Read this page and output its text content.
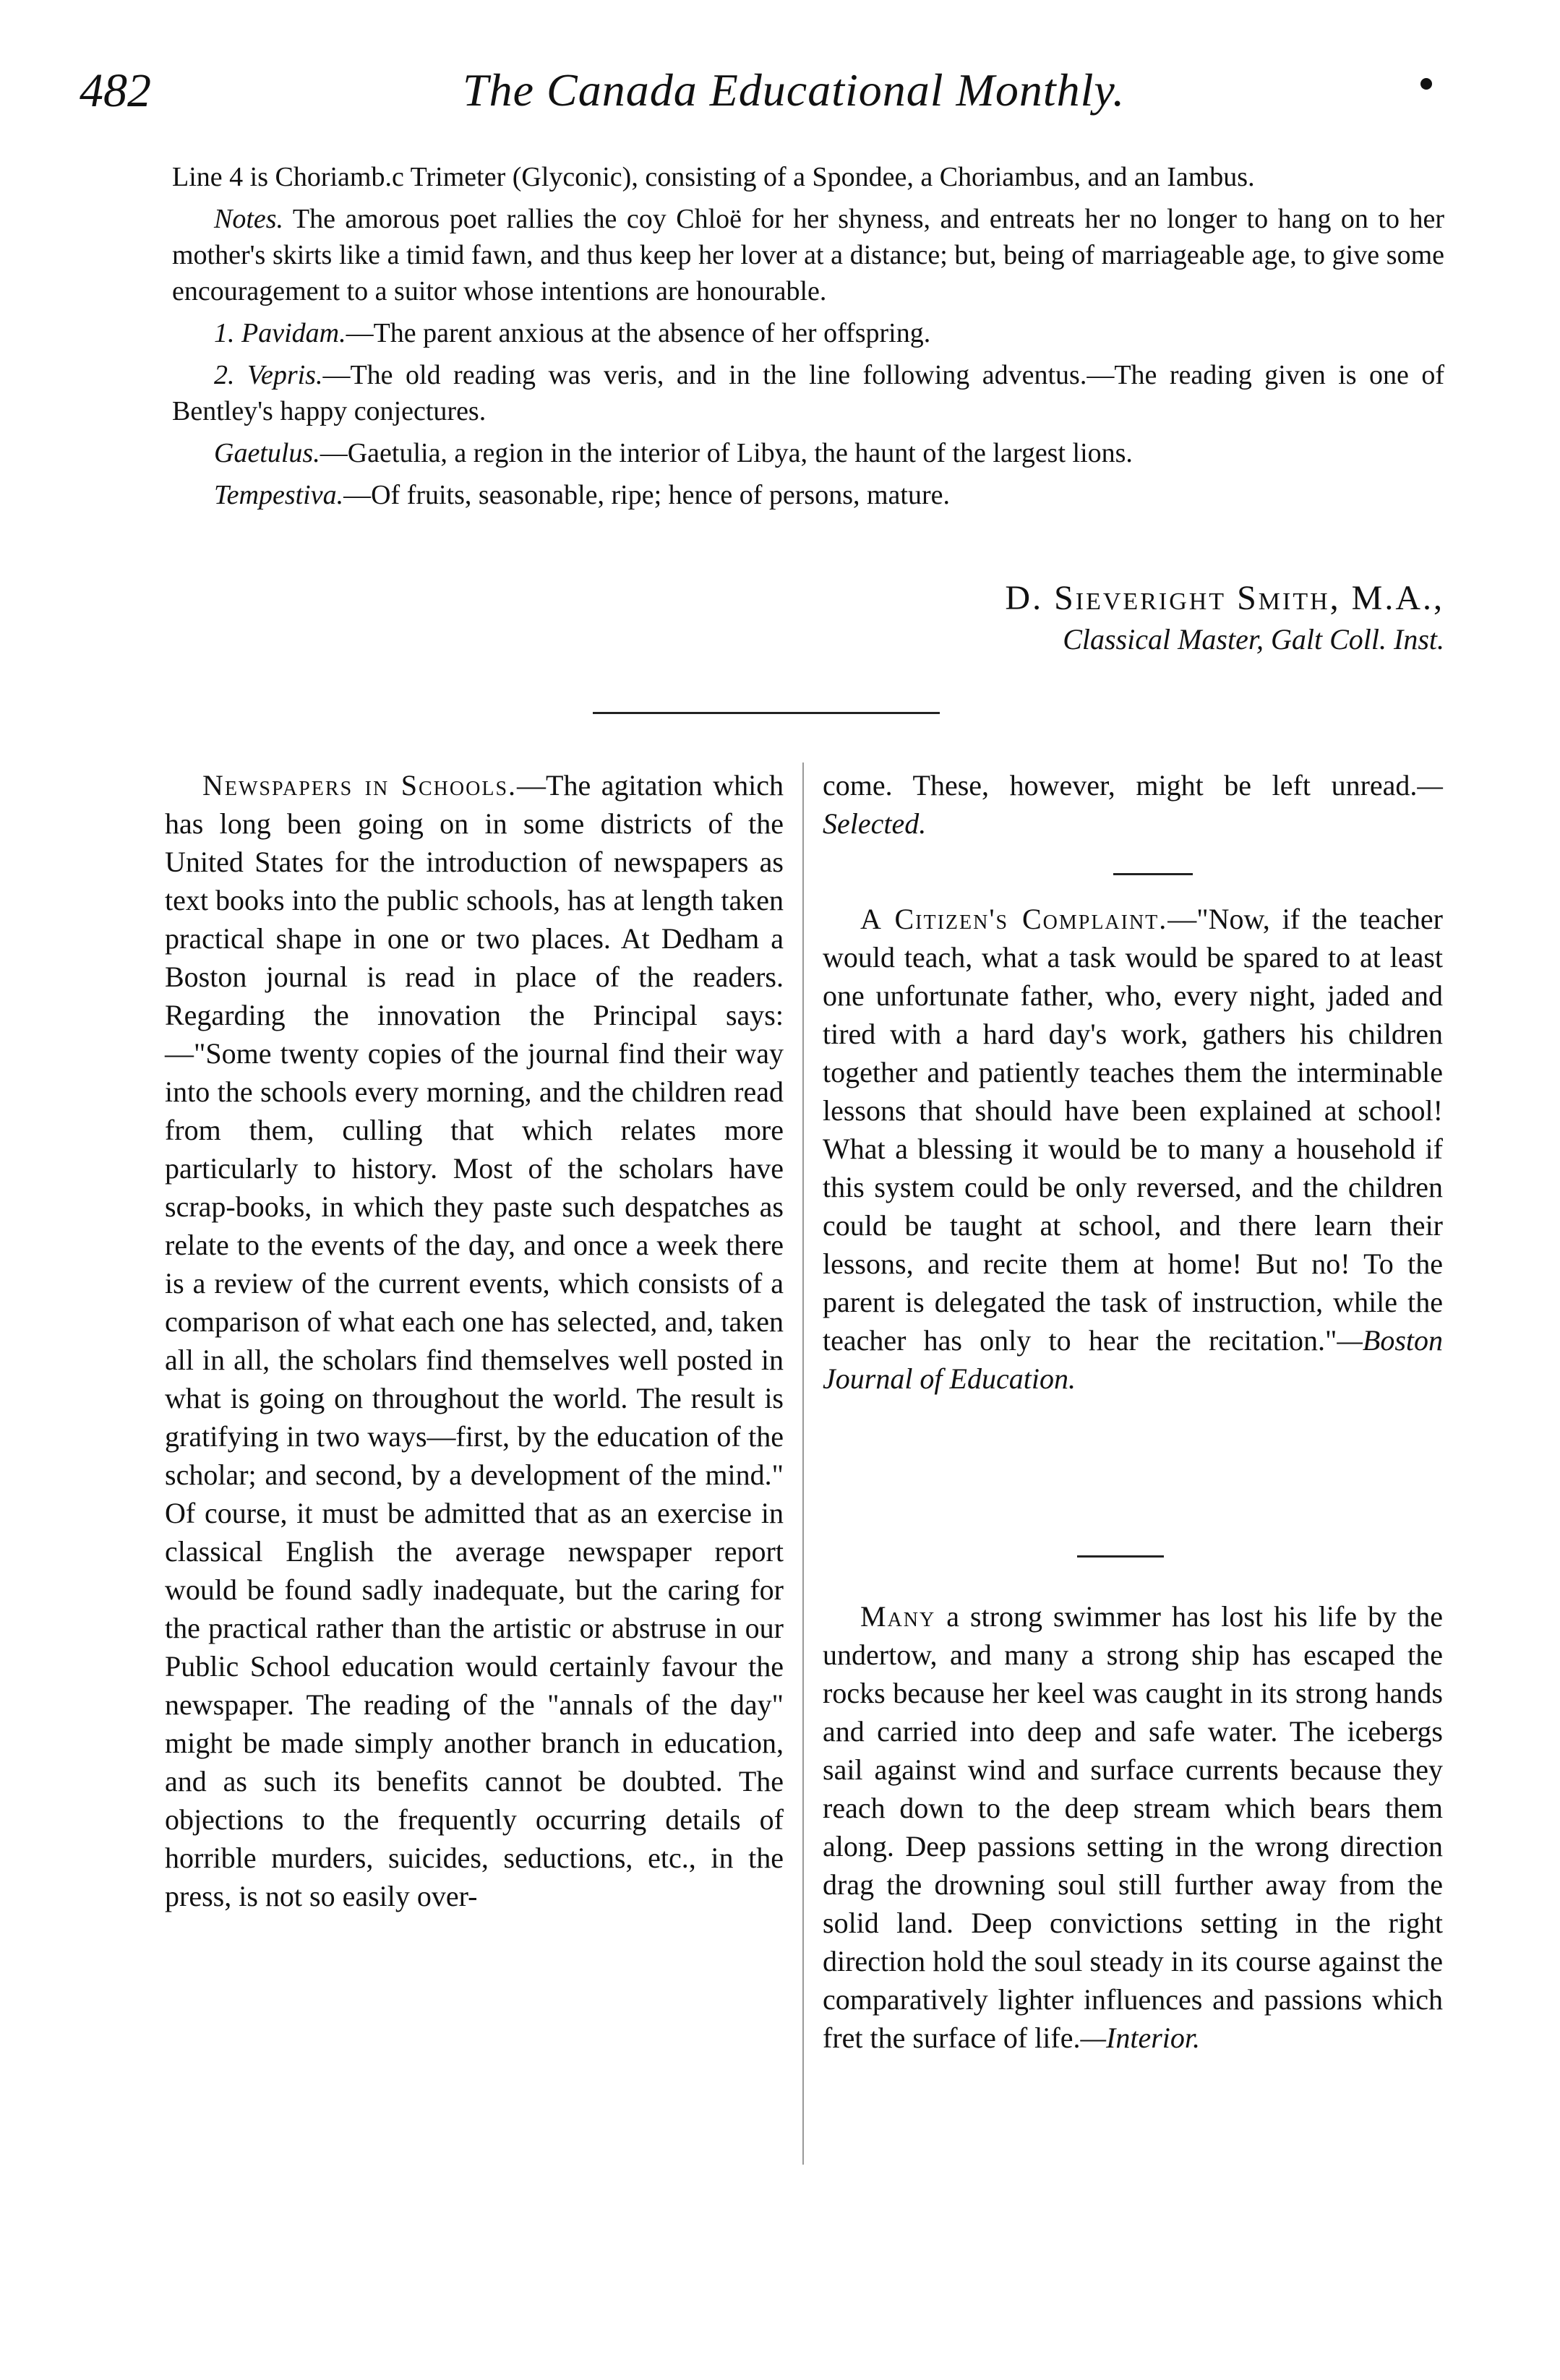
482	The Canada Educational Monthly.

Line 4 is Choriamb.c Trimeter (Glyconic), consisting of a Spondee, a Choriambus, and an Iambus.

Notes. The amorous poet rallies the coy Chloë for her shyness, and entreats her no longer to hang on to her mother's skirts like a timid fawn, and thus keep her lover at a distance; but, being of marriageable age, to give some encouragement to a suitor whose intentions are honourable.

1. Pavidam.—The parent anxious at the absence of her offspring.

2. Vepris.—The old reading was veris, and in the line following adventus.—The reading given is one of Bentley's happy conjectures.

Gaetulus.—Gaetulia, a region in the interior of Libya, the haunt of the largest lions.

Tempestiva.—Of fruits, seasonable, ripe; hence of persons, mature.

D. Sieveright Smith, M.A.,
Classical Master, Galt Coll. Inst.

Newspapers in Schools.—The agitation which has long been going on in some districts of the United States for the introduction of newspapers as text books into the public schools, has at length taken practical shape in one or two places. At Dedham a Boston journal is read in place of the readers. Regarding the innovation the Principal says:—"Some twenty copies of the journal find their way into the schools every morning, and the children read from them, culling that which relates more particularly to history. Most of the scholars have scrap-books, in which they paste such despatches as relate to the events of the day, and once a week there is a review of the current events, which consists of a comparison of what each one has selected, and, taken all in all, the scholars find themselves well posted in what is going on throughout the world. The result is gratifying in two ways—first, by the education of the scholar; and second, by a development of the mind." Of course, it must be admitted that as an exercise in classical English the average newspaper report would be found sadly inadequate, but the caring for the practical rather than the artistic or abstruse in our Public School education would certainly favour the newspaper. The reading of the "annals of the day" might be made simply another branch in education, and as such its benefits cannot be doubted. The objections to the frequently occurring details of horrible murders, suicides, seductions, etc., in the press, is not so easily over-

come. These, however, might be left unread.—Selected.

A Citizen's Complaint.—"Now, if the teacher would teach, what a task would be spared to at least one unfortunate father, who, every night, jaded and tired with a hard day's work, gathers his children together and patiently teaches them the interminable lessons that should have been explained at school! What a blessing it would be to many a household if this system could be only reversed, and the children could be taught at school, and there learn their lessons, and recite them at home! But no! To the parent is delegated the task of instruction, while the teacher has only to hear the recitation."—Boston Journal of Education.

Many a strong swimmer has lost his life by the undertow, and many a strong ship has escaped the rocks because her keel was caught in its strong hands and carried into deep and safe water. The icebergs sail against wind and surface currents because they reach down to the deep stream which bears them along. Deep passions setting in the wrong direction drag the drowning soul still further away from the solid land. Deep convictions setting in the right direction hold the soul steady in its course against the comparatively lighter influences and passions which fret the surface of life.—Interior.
